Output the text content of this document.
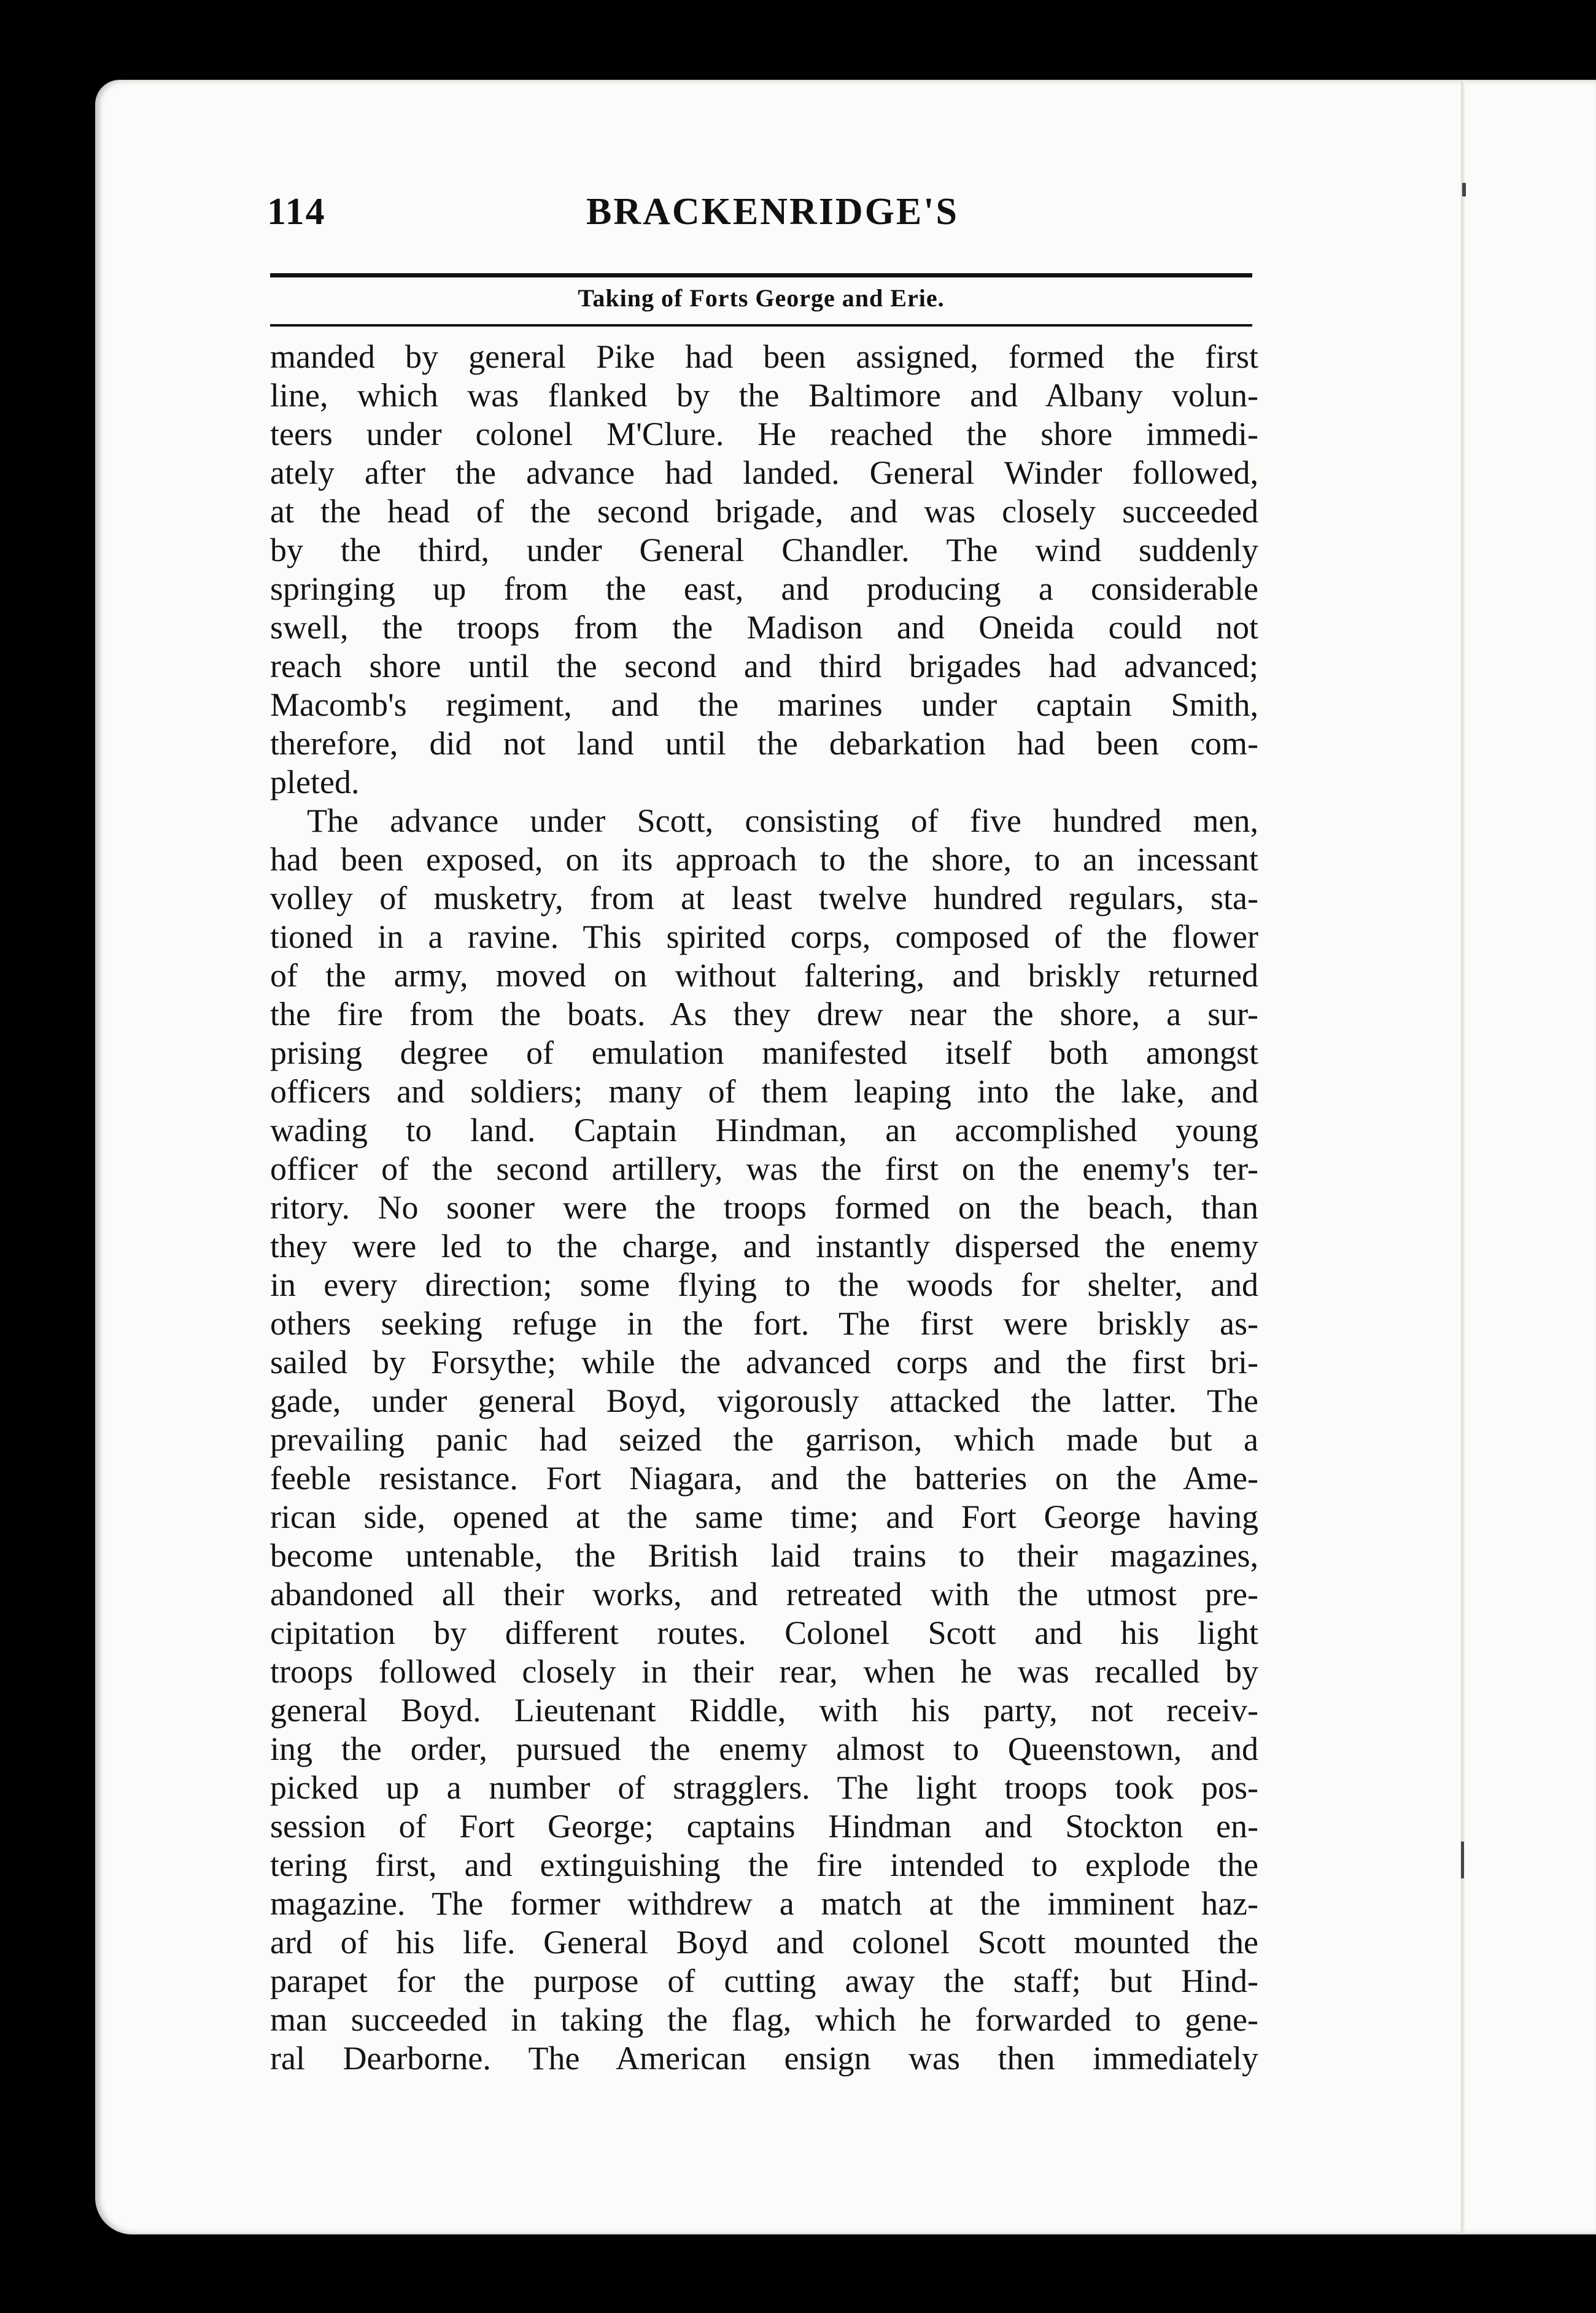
114	BRACKENRIDGE'S
Taking of Forts George and Erie.
manded by general Pike had been assigned, formed the first
line, which was flanked by the Baltimore and Albany volun-
teers under colonel M'Clure. He reached the shore immedi-
ately after the advance had landed. General Winder followed,
at the head of the second brigade, and was closely succeeded
by the third, under General Chandler. The wind suddenly
springing up from the east, and producing a considerable
swell, the troops from the Madison and Oneida could not
reach shore until the second and third brigades had advanced;
Macomb's regiment, and the marines under captain Smith,
therefore, did not land until the debarkation had been com-
pleted.
The advance under Scott, consisting of five hundred men,
had been exposed, on its approach to the shore, to an incessant
volley of musketry, from at least twelve hundred regulars, sta-
tioned in a ravine. This spirited corps, composed of the flower
of the army, moved on without faltering, and briskly returned
the fire from the boats. As they drew near the shore, a sur-
prising degree of emulation manifested itself both amongst
officers and soldiers; many of them leaping into the lake, and
wading to land. Captain Hindman, an accomplished young
officer of the second artillery, was the first on the enemy's ter-
ritory. No sooner were the troops formed on the beach, than
they were led to the charge, and instantly dispersed the enemy
in every direction; some flying to the woods for shelter, and
others seeking refuge in the fort. The first were briskly as-
sailed by Forsythe; while the advanced corps and the first bri-
gade, under general Boyd, vigorously attacked the latter. The
prevailing panic had seized the garrison, which made but a
feeble resistance. Fort Niagara, and the batteries on the Ame-
rican side, opened at the same time; and Fort George having
become untenable, the British laid trains to their magazines,
abandoned all their works, and retreated with the utmost pre-
cipitation by different routes. Colonel Scott and his light
troops followed closely in their rear, when he was recalled by
general Boyd. Lieutenant Riddle, with his party, not receiv-
ing the order, pursued the enemy almost to Queenstown, and
picked up a number of stragglers. The light troops took pos-
session of Fort George; captains Hindman and Stockton en-
tering first, and extinguishing the fire intended to explode the
magazine. The former withdrew a match at the imminent haz-
ard of his life. General Boyd and colonel Scott mounted the
parapet for the purpose of cutting away the staff; but Hind-
man succeeded in taking the flag, which he forwarded to gene-
ral Dearborne. The American ensign was then immediately
